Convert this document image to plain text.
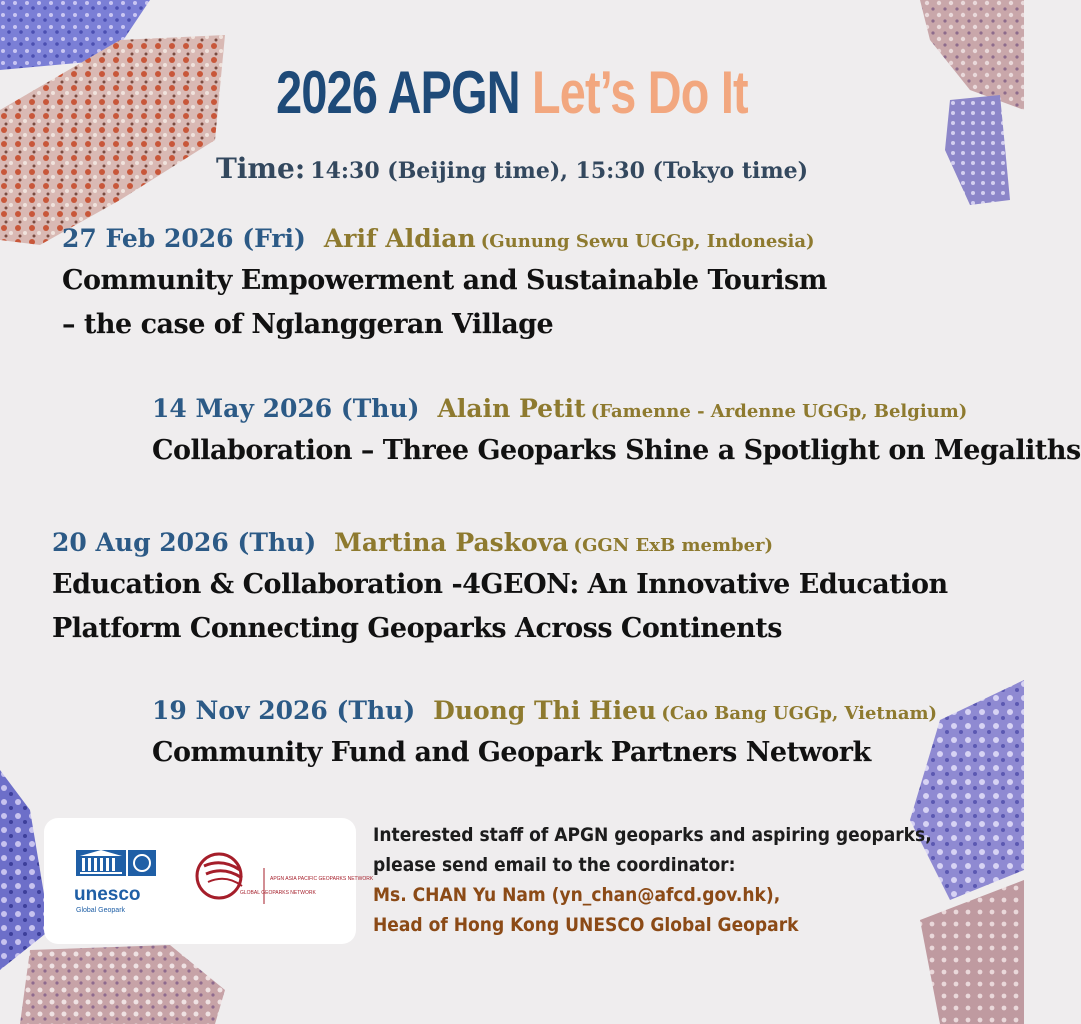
2026 APGN Let’s Do It
Time: 14:30 (Beijing time), 15:30 (Tokyo time)
27 Feb 2026 (Fri) Arif Aldian (Gunung Sewu UGGp, Indonesia)
Community Empowerment and Sustainable Tourism
– the case of Nglanggeran Village
14 May 2026 (Thu) Alain Petit (Famenne - Ardenne UGGp, Belgium)
Collaboration – Three Geoparks Shine a Spotlight on Megaliths
20 Aug 2026 (Thu) Martina Paskova (GGN ExB member)
Education & Collaboration -4GEON: An Innovative Education
Platform Connecting Geoparks Across Continents
19 Nov 2026 (Thu) Duong Thi Hieu (Cao Bang UGGp, Vietnam)
Community Fund and Geopark Partners Network
unesco
Global Geopark
GLOBAL GEOPARKS NETWORK
APGN ASIA PACIFIC GEOPARKS NETWORK
Interested staff of APGN geoparks and aspiring geoparks,
please send email to the coordinator:
Ms. CHAN Yu Nam (yn_chan@afcd.gov.hk),
Head of Hong Kong UNESCO Global Geopark
